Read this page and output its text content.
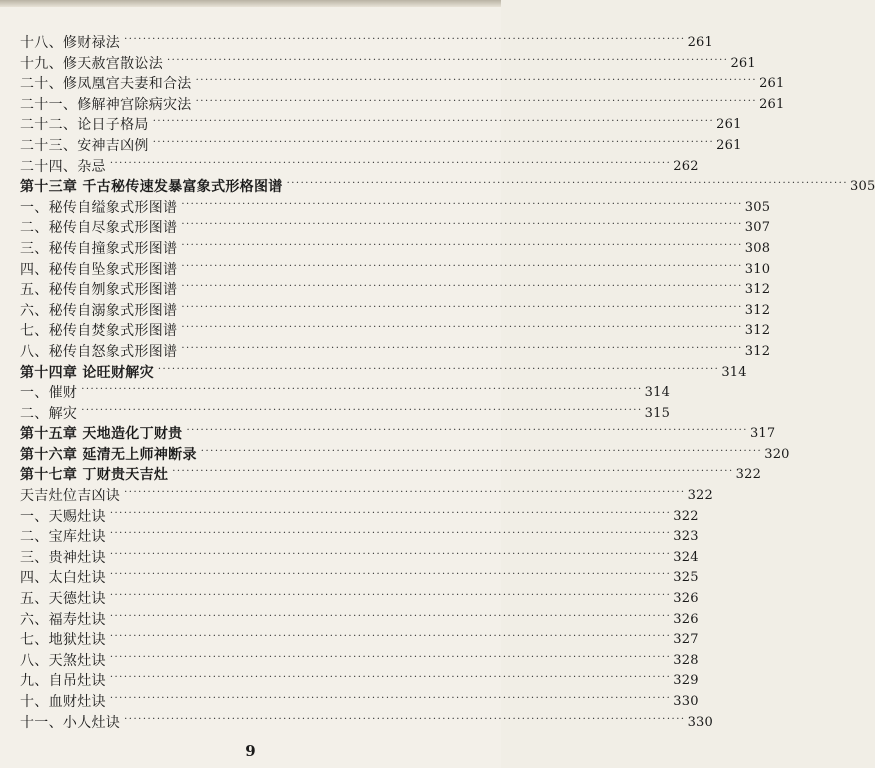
十八、修财禄法 ························································································································ 261
十九、修天赦宫散讼法 ························································································································ 261
二十、修凤凰宫夫妻和合法 ························································································································ 261
二十一、修解神宫除病灾法 ························································································································ 261
二十二、论日子格局 ························································································································ 261
二十三、安神吉凶例 ························································································································ 261
二十四、杂忌 ························································································································ 262
第十三章 千古秘传速发暴富象式形格图谱 ························································································································ 305
一、秘传自缢象式形图谱 ························································································································ 305
二、秘传自尽象式形图谱 ························································································································ 307
三、秘传自撞象式形图谱 ························································································································ 308
四、秘传自坠象式形图谱 ························································································································ 310
五、秘传自刎象式形图谱 ························································································································ 312
六、秘传自溺象式形图谱 ························································································································ 312
七、秘传自焚象式形图谱 ························································································································ 312
八、秘传自怒象式形图谱 ························································································································ 312
第十四章 论旺财解灾 ························································································································ 314
一、催财 ························································································································ 314
二、解灾 ························································································································ 315
第十五章 天地造化丁财贵 ························································································································ 317
第十六章 延清无上师神断录 ························································································································ 320
第十七章 丁财贵天吉灶 ························································································································ 322
天吉灶位吉凶诀 ························································································································ 322
一、天赐灶诀 ························································································································ 322
二、宝库灶诀 ························································································································ 323
三、贵神灶诀 ························································································································ 324
四、太白灶诀 ························································································································ 325
五、天德灶诀 ························································································································ 326
六、福寿灶诀 ························································································································ 326
七、地狱灶诀 ························································································································ 327
八、天煞灶诀 ························································································································ 328
九、自吊灶诀 ························································································································ 329
十、血财灶诀 ························································································································ 330
十一、小人灶诀 ························································································································ 330
9
